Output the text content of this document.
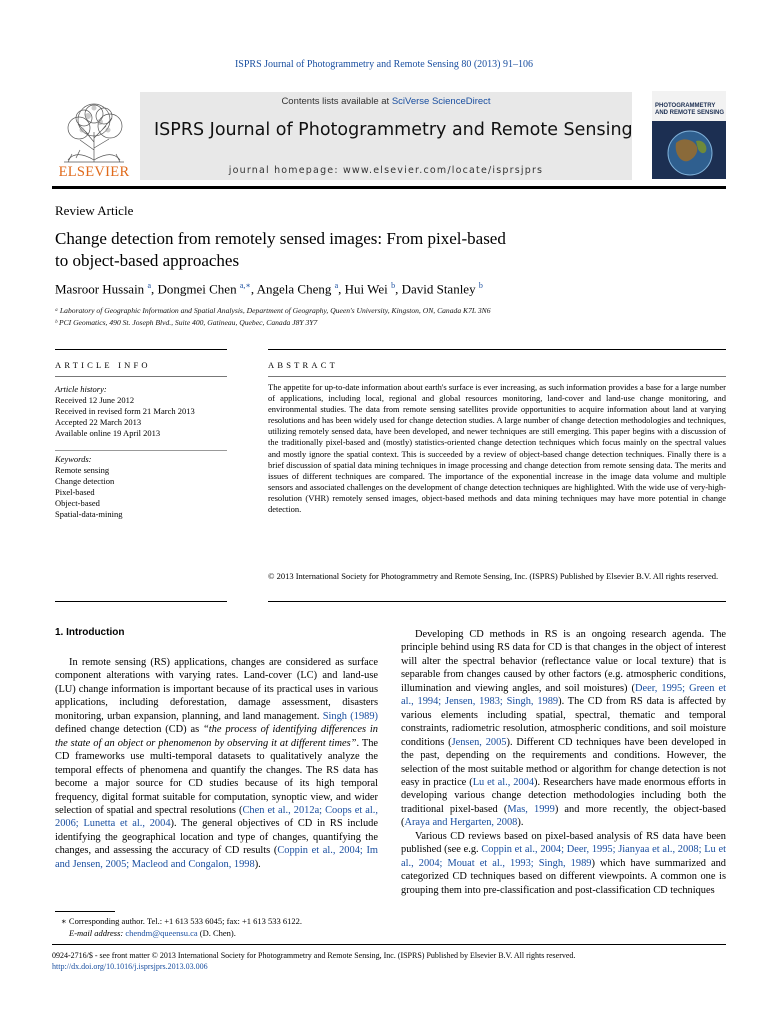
ISPRS Journal of Photogrammetry and Remote Sensing 80 (2013) 91–106
ELSEVIER
Contents lists available at SciVerse ScienceDirect
ISPRS Journal of Photogrammetry and Remote Sensing
journal homepage: www.elsevier.com/locate/isprsjprs
PHOTOGRAMMETRY
AND REMOTE SENSING
Review Article
Change detection from remotely sensed images: From pixel-based
to object-based approaches
Masroor Hussain $^a$, Dongmei Chen $^{a,∗}$, Angela Cheng $^a$, Hui Wei $^b$, David Stanley $^b$
ᵃ Laboratory of Geographic Information and Spatial Analysis, Department of Geography, Queen's University, Kingston, ON, Canada K7L 3N6
ᵇ PCI Geomatics, 490 St. Joseph Blvd., Suite 400, Gatineau, Quebec, Canada J8Y 3Y7
ARTICLE INFO	ABSTRACT
Article history:
Received 12 June 2012
Received in revised form 21 March 2013
Accepted 22 March 2013
Available online 19 April 2013
Keywords:
Remote sensing
Change detection
Pixel-based
Object-based
Spatial-data-mining
The appetite for up-to-date information about earth's surface is ever increasing, as such information provides a base for a large number of applications, including local, regional and global resources monitoring, land-cover and land-use change monitoring, and environmental studies. The data from remote sensing satellites provide opportunities to acquire information about land at varying resolutions and has been widely used for change detection studies. A large number of change detection methodologies and techniques, utilizing remotely sensed data, have been developed, and newer techniques are still emerging. This paper begins with a discussion of the traditionally pixel-based and (mostly) statistics-oriented change detection techniques which focus mainly on the spectral values and mostly ignore the spatial context. This is succeeded by a review of object-based change detection techniques. Finally there is a brief discussion of spatial data mining techniques in image processing and change detection from remote sensing data. The merits and issues of different techniques are compared. The importance of the exponential increase in the image data volume and multiple sensors and associated challenges on the development of change detection techniques are highlighted. With the wide use of very-high-resolution (VHR) remotely sensed images, object-based methods and data mining techniques may have more potential in change detection.
© 2013 International Society for Photogrammetry and Remote Sensing, Inc. (ISPRS) Published by Elsevier B.V. All rights reserved.
1. Introduction

In remote sensing (RS) applications, changes are considered as surface component alterations with varying rates. Land-cover (LC) and land-use (LU) change information is important because of its practical uses in various applications, including deforestation, damage assessment, disasters monitoring, urban expansion, planning, and land management. Singh (1989) defined change detection (CD) as “the process of identifying differences in the state of an object or phenomenon by observing it at different times”. The CD frameworks use multi-temporal datasets to qualitatively analyze the temporal effects of phenomena and quantify the changes. The RS data has become a major source for CD studies because of its high temporal frequency, digital format suitable for computation, synoptic view, and wider selection of spatial and spectral resolutions (Chen et al., 2012a; Coops et al., 2006; Lunetta et al., 2004). The general objectives of CD in RS include identifying the geographical location and type of changes, quantifying the changes, and assessing the accuracy of CD results (Coppin et al., 2004; Im and Jensen, 2005; Macleod and Congalon, 1998).

Developing CD methods in RS is an ongoing research agenda. The principle behind using RS data for CD is that changes in the object of interest will alter the spectral behavior (reflectance value or local texture) that is separable from changes caused by other factors (e.g. atmospheric conditions, illumination and viewing angles, and soil moistures) (Deer, 1995; Green et al., 1994; Jensen, 1983; Singh, 1989). The CD from RS data is affected by various elements including spatial, spectral, thematic and temporal constraints, radiometric resolution, atmospheric conditions, and soil moisture conditions (Jensen, 2005). Different CD techniques have been developed in the past, depending on the requirements and conditions. However, the selection of the most suitable method or algorithm for change detection is not easy in practice (Lu et al., 2004). Researchers have made enormous efforts in developing various change detection methodologies including both the traditional pixel-based (Mas, 1999) and more recently, the object-based (Araya and Hergarten, 2008).

Various CD reviews based on pixel-based analysis of RS data have been published (see e.g. Coppin et al., 2004; Deer, 1995; Jianyaa et al., 2008; Lu et al., 2004; Mouat et al., 1993; Singh, 1989) which have summarized and categorized CD techniques based on different viewpoints. A common one is grouping them into pre-classification and post-classification CD techniques

∗ Corresponding author. Tel.: +1 613 533 6045; fax: +1 613 533 6122.
E-mail address: chendm@queensu.ca (D. Chen).
0924-2716/$ - see front matter © 2013 International Society for Photogrammetry and Remote Sensing, Inc. (ISPRS) Published by Elsevier B.V. All rights reserved.
http://dx.doi.org/10.1016/j.isprsjprs.2013.03.006
